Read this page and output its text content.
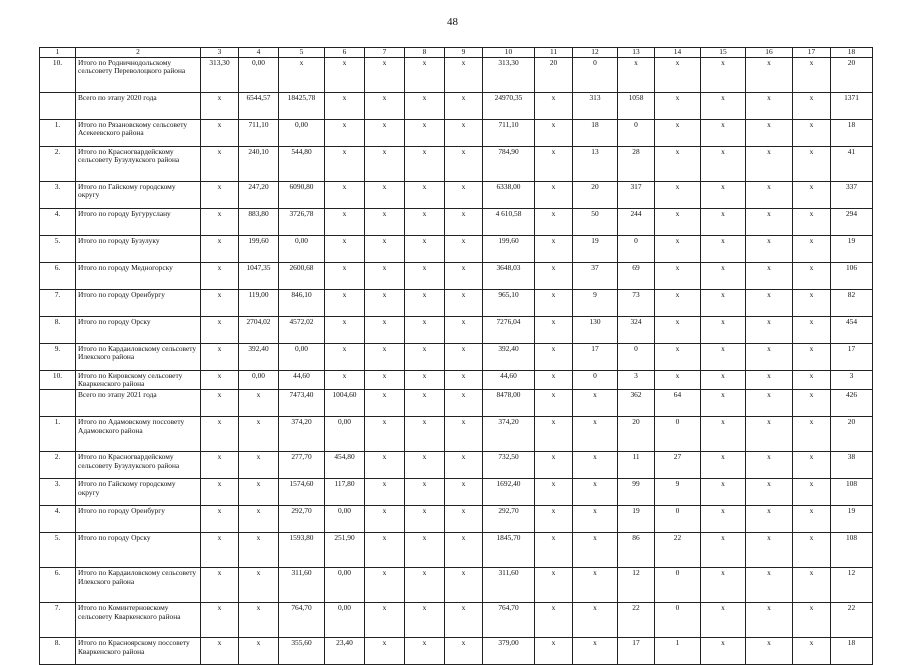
48
1	2	3	4	5	6	7	8	9	10	11	12	13	14	15	16	17	18
10.	Итого по Родничнодольскому сельсовету Переволоцкого района	313,30	0,00	x	x	x	x	x	313,30	20	0	x	x	x	x	x	20
	Всего по этапу 2020 года	x	6544,57	18425,78	x	x	x	x	24970,35	x	313	1058	x	x	x	x	1371
1.	Итого по Рязановскому сельсовету Асекеевского района	x	711,10	0,00	x	x	x	x	711,10	x	18	0	x	x	x	x	18
2.	Итого по Красногвардейскому сельсовету Бузулукского района	x	240,10	544,80	x	x	x	x	784,90	x	13	28	x	x	x	x	41
3.	Итого по Гайскому городскому округу	x	247,20	6090,80	x	x	x	x	6338,00	x	20	317	x	x	x	x	337
4.	Итого по городу Бугуруслану	x	883,80	3726,78	x	x	x	x	4 610,58	x	50	244	x	x	x	x	294
5.	Итого по городу Бузулуку	x	199,60	0,00	x	x	x	x	199,60	x	19	0	x	x	x	x	19
6.	Итого по городу Медногорску	x	1047,35	2600,68	x	x	x	x	3648,03	x	37	69	x	x	x	x	106
7.	Итого по городу Оренбургу	x	119,00	846,10	x	x	x	x	965,10	x	9	73	x	x	x	x	82
8.	Итого по городу Орску	x	2704,02	4572,02	x	x	x	x	7276,04	x	130	324	x	x	x	x	454
9.	Итого по Кардаиловскому сельсовету Илекского района	x	392,40	0,00	x	x	x	x	392,40	x	17	0	x	x	x	x	17
10.	Итого по Кировскому сельсовету Кваркенского района	x	0,00	44,60	x	x	x	x	44,60	x	0	3	x	x	x	x	3
	Всего по этапу 2021 года	x	x	7473,40	1004,60	x	x	x	8478,00	x	x	362	64	x	x	x	426
1.	Итого по Адамовскому поссовету Адамовского района	x	x	374,20	0,00	x	x	x	374,20	x	x	20	0	x	x	x	20
2.	Итого по Красногвардейскому сельсовету Бузулукского района	x	x	277,70	454,80	x	x	x	732,50	x	x	11	27	x	x	x	38
3.	Итого по Гайскому городскому округу	x	x	1574,60	117,80	x	x	x	1692,40	x	x	99	9	x	x	x	108
4.	Итого по городу Оренбургу	x	x	292,70	0,00	x	x	x	292,70	x	x	19	0	x	x	x	19
5.	Итого по городу Орску	x	x	1593,80	251,90	x	x	x	1845,70	x	x	86	22	x	x	x	108
6.	Итого по Кардаиловскому сельсовету Илекского района	x	x	311,60	0,00	x	x	x	311,60	x	x	12	0	x	x	x	12
7.	Итого по Коминтерновскому сельсовету Кваркенского района	x	x	764,70	0,00	x	x	x	764,70	x	x	22	0	x	x	x	22
8.	Итого по Красноярскому поссовету Кваркенского района	x	x	355,60	23,40	x	x	x	379,00	x	x	17	1	x	x	x	18
